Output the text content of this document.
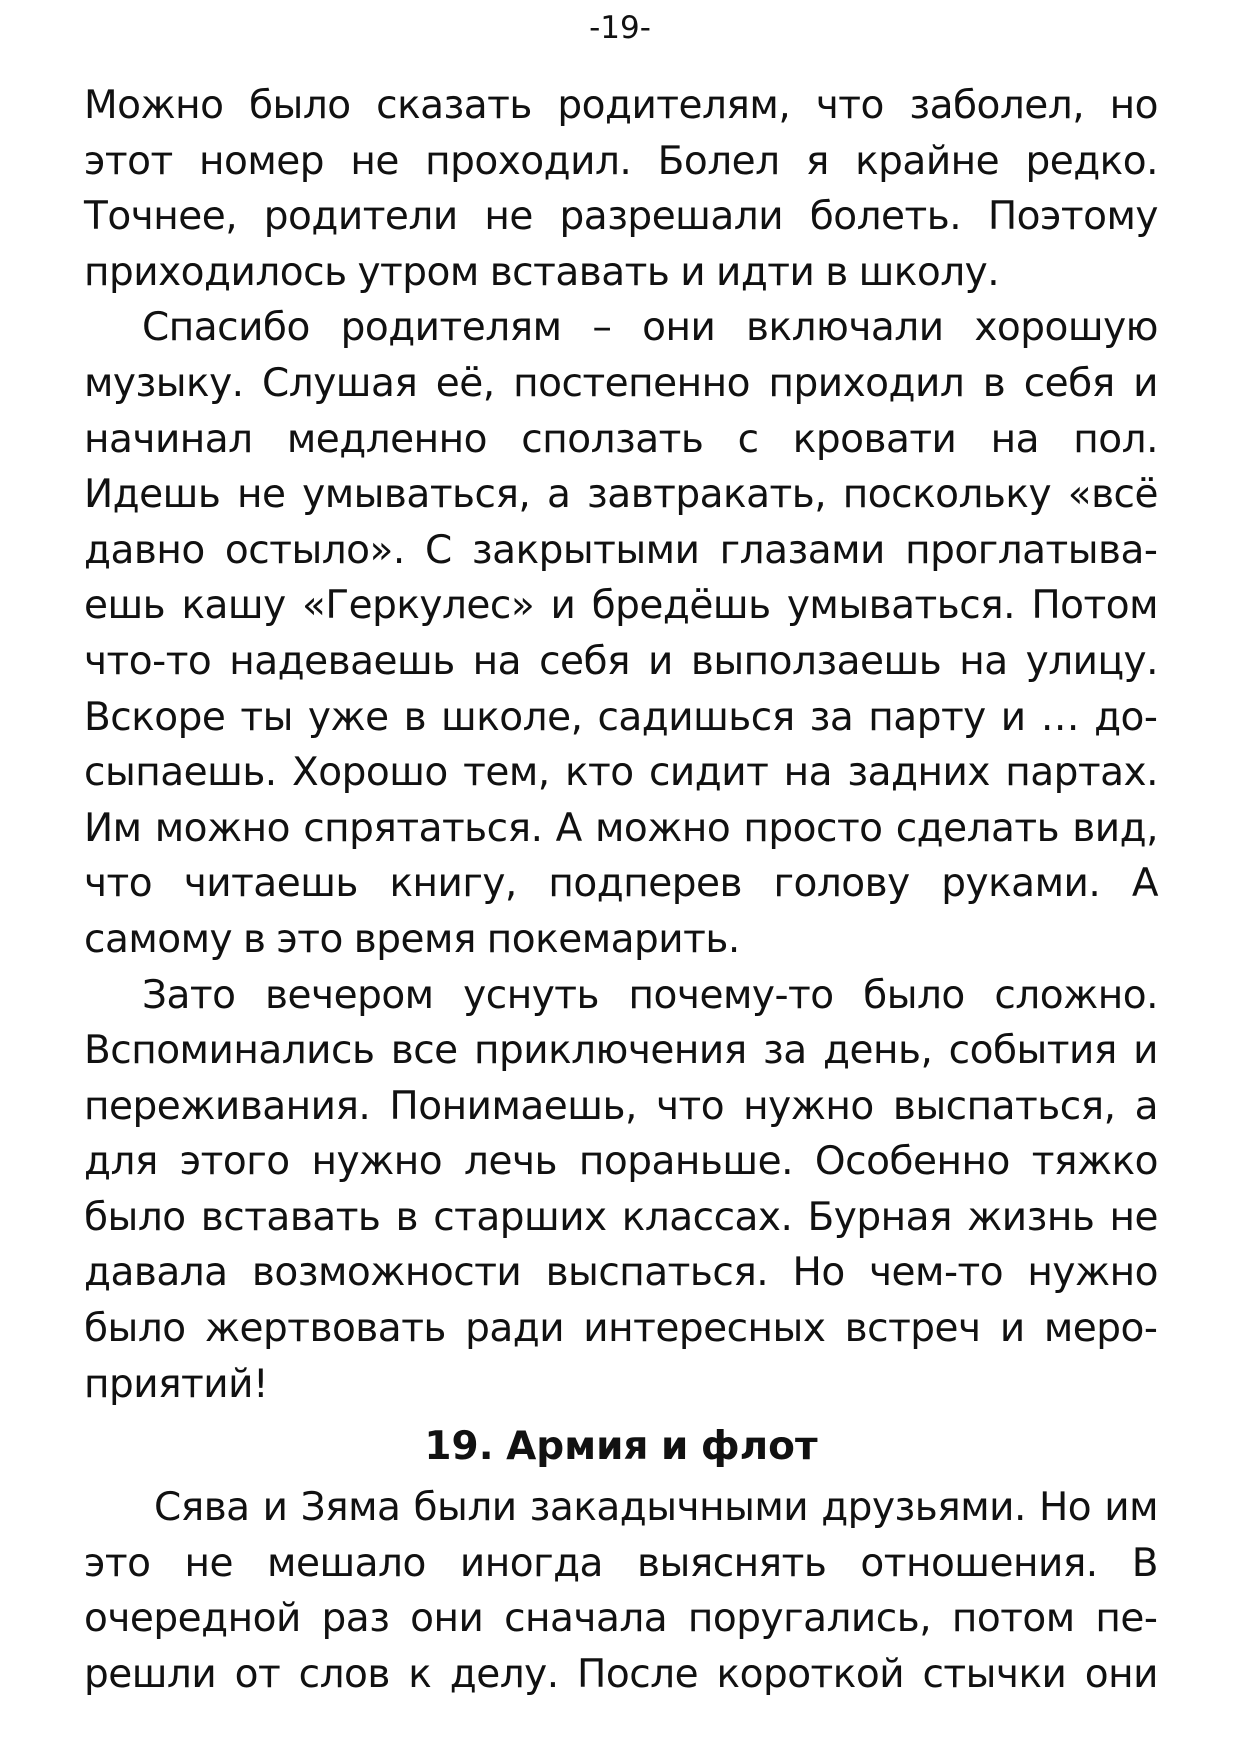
-19-

Можно было сказать родителям, что заболел, но этот номер не проходил. Болел я крайне редко. Точнее, родители не разрешали болеть. Поэтому приходилось утром вставать и идти в школу.

Спасибо родителям – они включали хорошую музыку. Слушая её, постепенно приходил в себя и начинал медленно сползать с кровати на пол. Идешь не умываться, а завтракать, поскольку «всё давно остыло». С закрытыми глазами проглатываешь кашу «Геркулес» и бредёшь умываться. Потом что-то надеваешь на себя и выползаешь на улицу. Вскоре ты уже в школе, садишься за парту и … досыпаешь. Хорошо тем, кто сидит на задних партах. Им можно спрятаться. А можно просто сделать вид, что читаешь книгу, подперев голову руками. А самому в это время покемарить.

Зато вечером уснуть почему-то было сложно. Вспоминались все приключения за день, события и переживания. Понимаешь, что нужно выспаться, а для этого нужно лечь пораньше. Особенно тяжко было вставать в старших классах. Бурная жизнь не давала возможности выспаться. Но чем-то нужно было жертвовать ради интересных встреч и мероприятий!

19. Армия и флот

Сява и Зяма были закадычными друзьями. Но им это не мешало иногда выяснять отношения. В очередной раз они сначала поругались, потом перешли от слов к делу. После короткой стычки они
